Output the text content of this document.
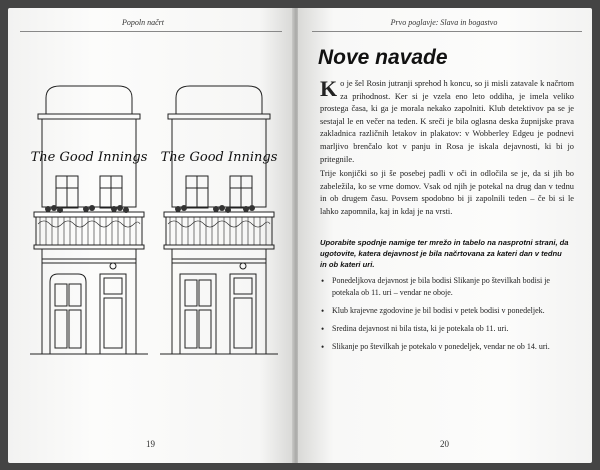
Popoln načrt
The Good Innings The Good Innings
19
Prvo poglavje: Slava in bogastvo
Nove navade
Ko je šel Rosin jutranji sprehod h koncu, so ji misli zatavale k načrtom za prihodnost. Ker si je vzela eno leto oddiha, je imela veliko prostega časa, ki ga je morala nekako zapolniti. Klub detektivov pa se je sestajal le en večer na teden. K sreči je bila oglasna deska župnijske prava zakladnica različnih letakov in plakatov: v Wobberley Edgeu je podnevi marljivo brenčalo kot v panju in Rosa je iskala dejavnosti, ki bi jo pritegnile.
Trije konjički so ji še posebej padli v oči in odločila se je, da si jih bo zabeležila, ko se vrne domov. Vsak od njih je potekal na drug dan v tednu in ob drugem času. Povsem spodobno bi ji zapolnili teden – če bi si le lahko zapomnila, kaj in kdaj je na vrsti.
Uporabite spodnje namige ter mrežo in tabelo na nasprotni strani, da ugotovite, katera dejavnost je bila načrtovana za kateri dan v tednu in ob kateri uri.
• Ponedeljkova dejavnost je bila bodisi Slikanje po številkah bodisi je potekala ob 11. uri – vendar ne oboje.
• Klub krajevne zgodovine je bil bodisi v petek bodisi v ponedeljek.
• Sredina dejavnost ni bila tista, ki je potekala ob 11. uri.
• Slikanje po številkah je potekalo v ponedeljek, vendar ne ob 14. uri.
20
